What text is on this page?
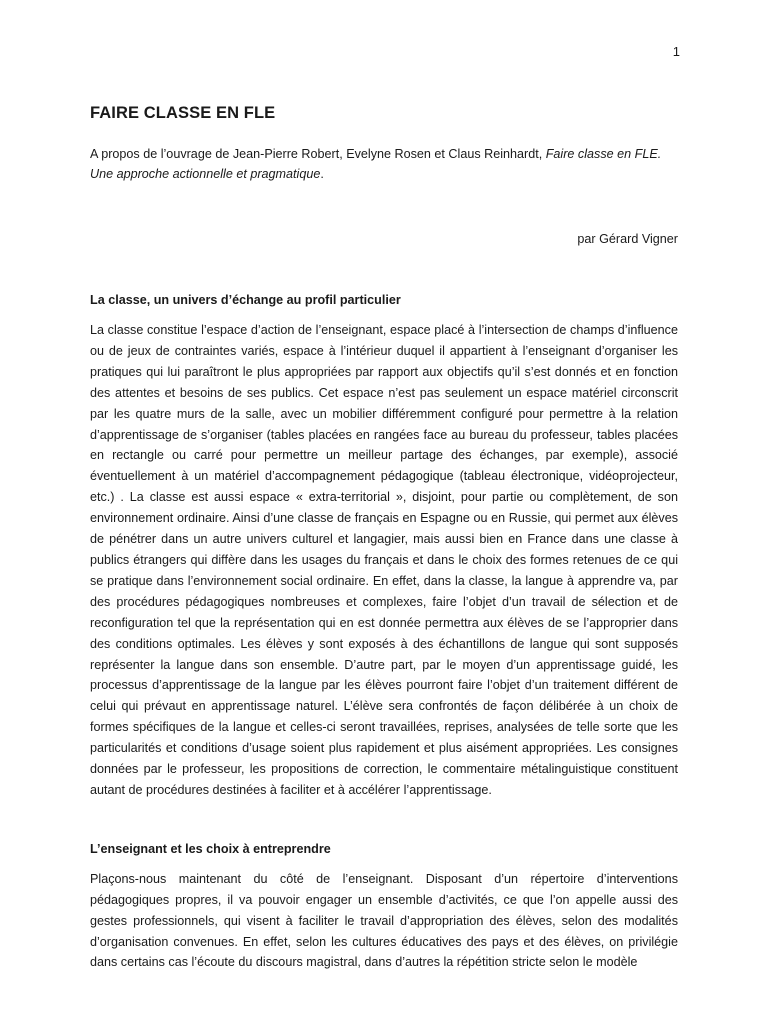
1
FAIRE CLASSE EN FLE

A propos de l’ouvrage de Jean-Pierre Robert, Evelyne Rosen et Claus Reinhardt, Faire classe en FLE. Une approche actionnelle et pragmatique.

par Gérard Vigner

La classe, un univers d’échange au profil particulier

La classe constitue l’espace d’action de l’enseignant, espace placé à l’intersection de champs d’influence ou de jeux de contraintes variés, espace à l’intérieur duquel il appartient à l’enseignant d’organiser les pratiques qui lui paraîtront le plus appropriées par rapport aux objectifs qu’il s’est donnés et en fonction des attentes et besoins de ses publics. Cet espace n’est pas seulement un espace matériel circonscrit par les quatre murs de la salle, avec un mobilier différemment configuré pour permettre à la relation d’apprentissage de s’organiser (tables placées en rangées face au bureau du professeur, tables placées en rectangle ou carré pour permettre un meilleur partage des échanges, par exemple), associé éventuellement à un matériel d’accompagnement pédagogique (tableau électronique, vidéoprojecteur, etc.) . La classe est aussi espace « extra-territorial », disjoint, pour partie ou complètement, de son environnement ordinaire. Ainsi d’une classe de français en Espagne ou en Russie, qui permet aux élèves de pénétrer dans un autre univers culturel et langagier, mais aussi bien en France dans une classe à publics étrangers qui diffère dans les usages du français et dans le choix des formes retenues de ce qui se pratique dans l’environnement social ordinaire. En effet, dans la classe, la langue à apprendre va, par des procédures pédagogiques nombreuses et complexes, faire l’objet d’un travail de sélection et de reconfiguration tel que la représentation qui en est donnée permettra aux élèves de se l’approprier dans des conditions optimales. Les élèves y sont exposés à des échantillons de langue qui sont supposés représenter la langue dans son ensemble. D’autre part, par le moyen d’un apprentissage guidé, les processus d’apprentissage de la langue par les élèves pourront faire l’objet d’un traitement différent de celui qui prévaut en apprentissage naturel. L’élève sera confrontés de façon délibérée à un choix de formes spécifiques de la langue et celles-ci seront travaillées, reprises, analysées de telle sorte que les particularités et conditions d’usage soient plus rapidement et plus aisément appropriées. Les consignes données par le professeur, les propositions de correction, le commentaire métalinguistique constituent autant de procédures destinées à faciliter et à accélérer l’apprentissage.

L’enseignant et les choix à entreprendre

Plaçons-nous maintenant du côté de l’enseignant. Disposant d’un répertoire d’interventions pédagogiques propres, il va pouvoir engager un ensemble d’activités, ce que l’on appelle aussi des gestes professionnels, qui visent à faciliter le travail d’appropriation des élèves, selon des modalités d’organisation convenues. En effet, selon les cultures éducatives des pays et des élèves, on privilégie dans certains cas l’écoute du discours magistral, dans d’autres la répétition stricte selon le modèle
